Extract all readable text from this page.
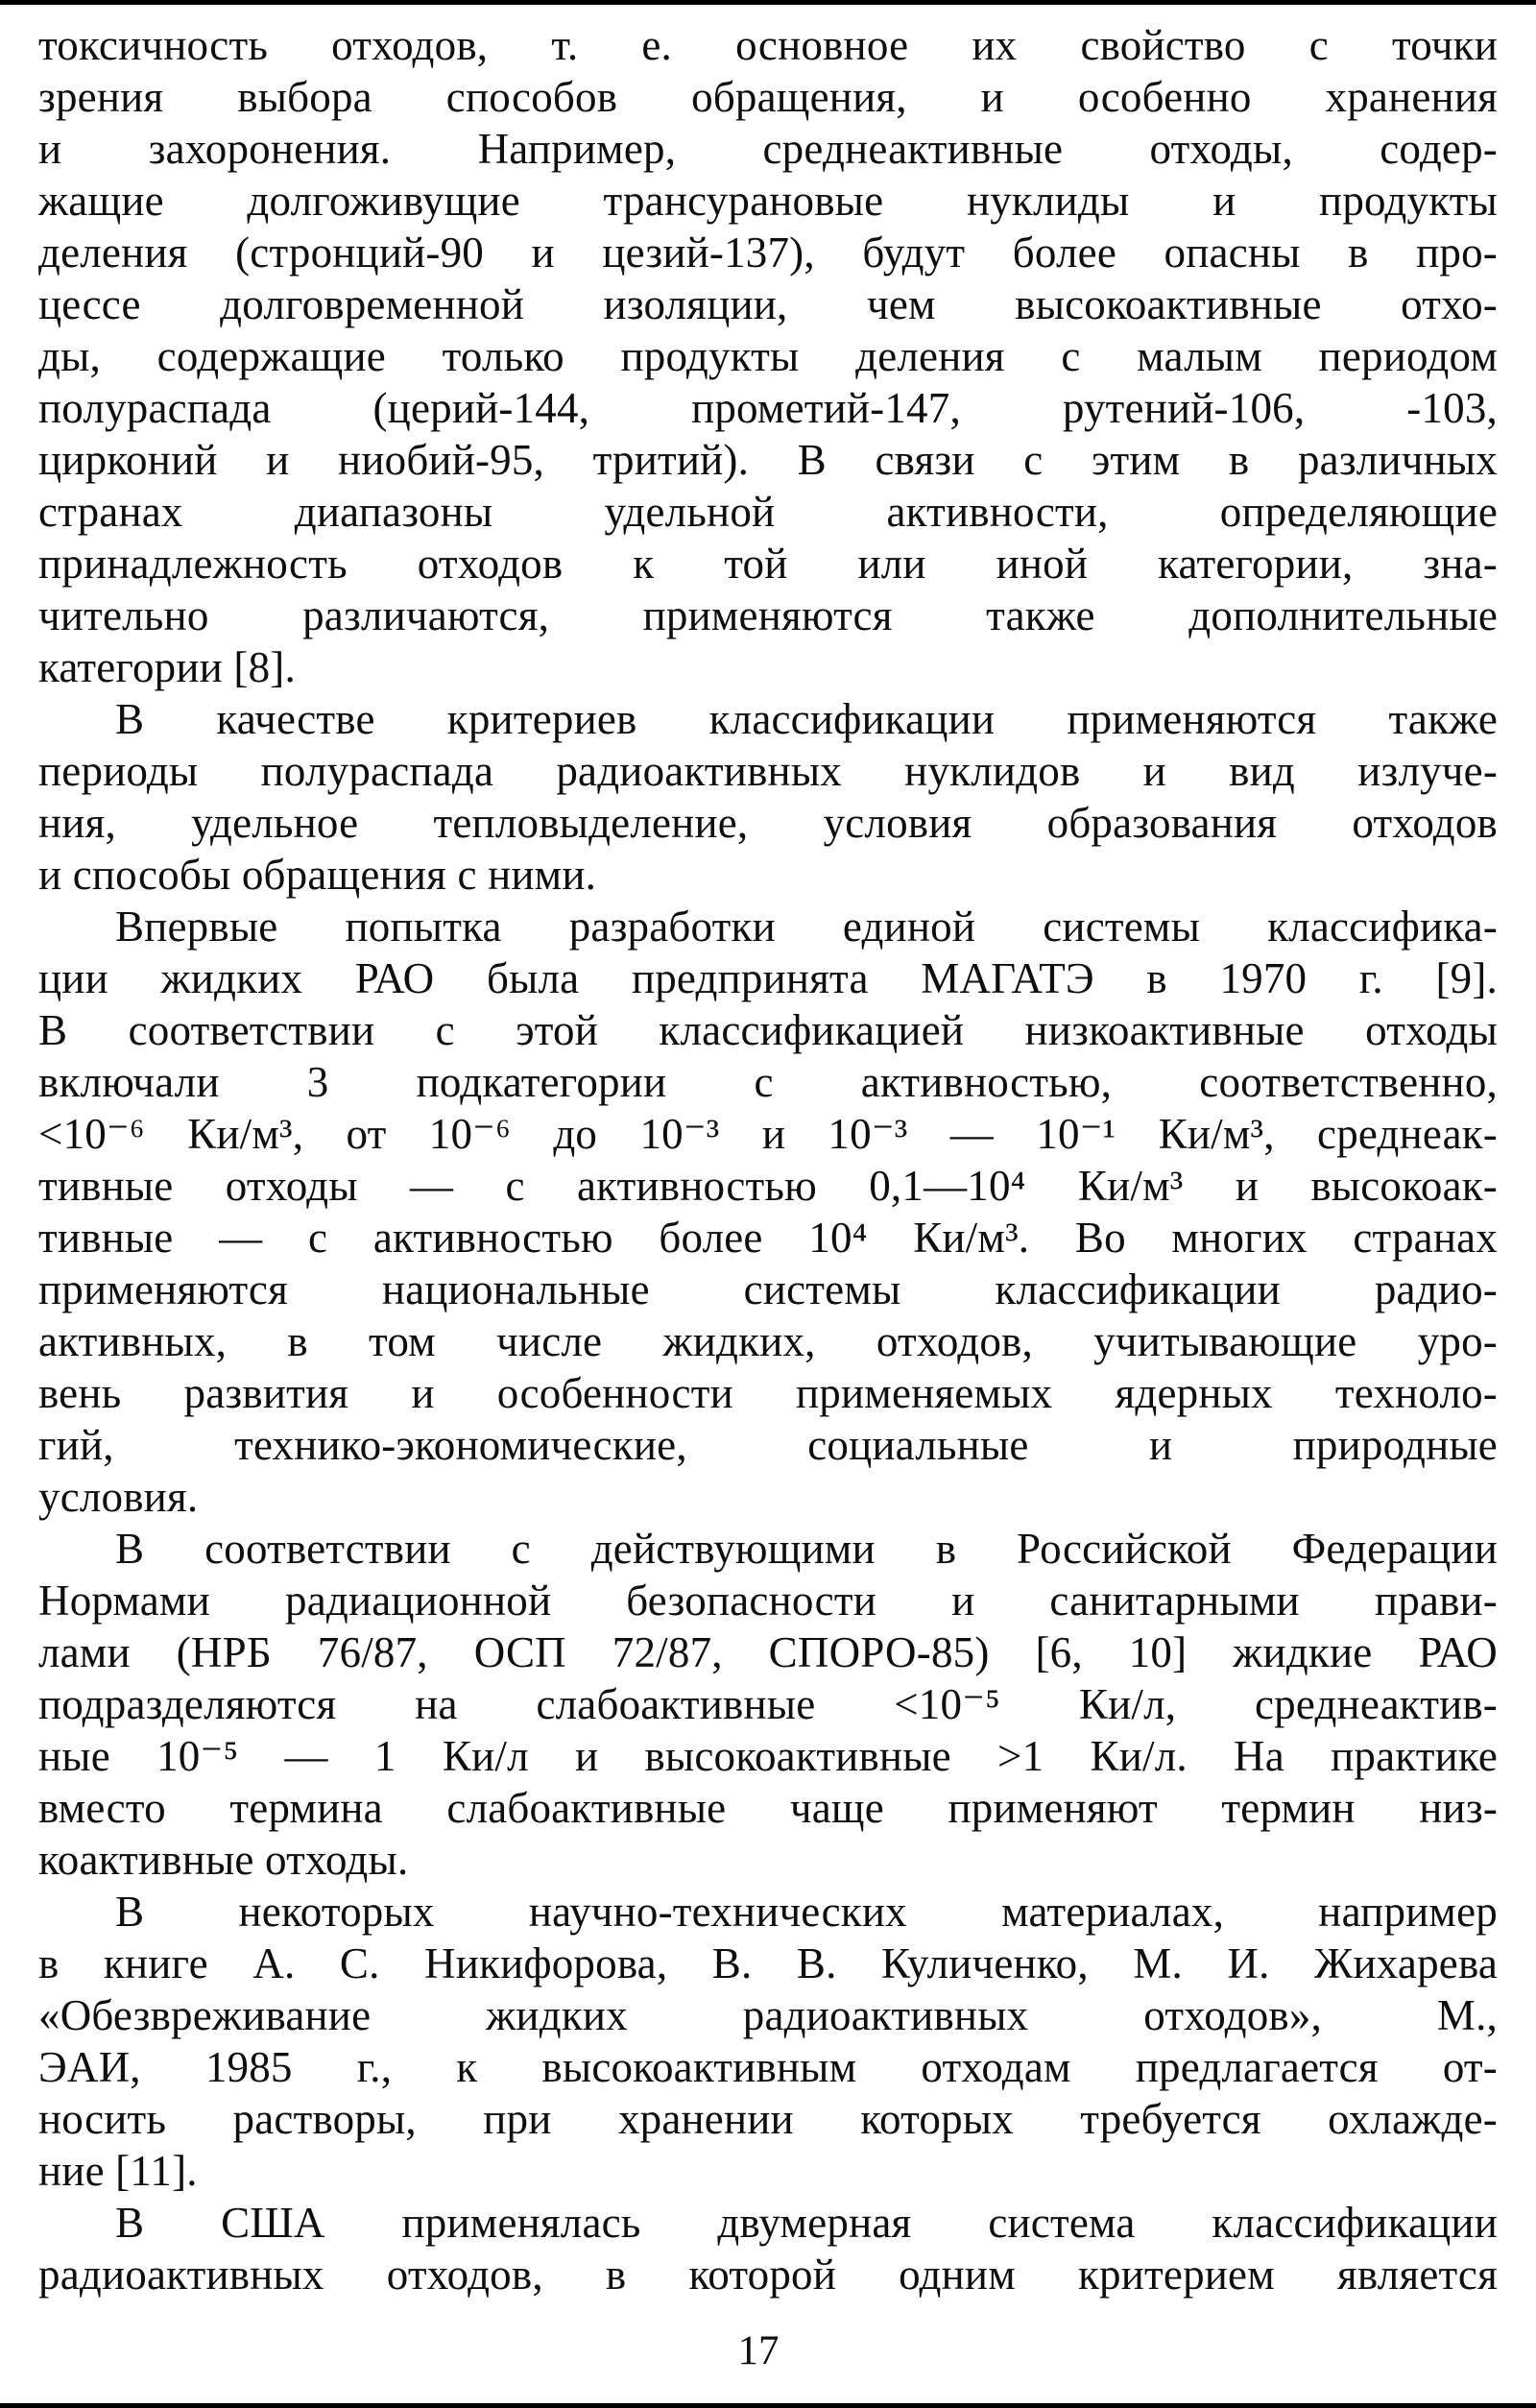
токсичность отходов, т. е. основное их свойство с точки
зрения выбора способов обращения, и особенно хранения
и захоронения. Например, среднеактивные отходы, содер-
жащие долгоживущие трансурановые нуклиды и продукты
деления (стронций-90 и цезий-137), будут более опасны в про-
цессе долговременной изоляции, чем высокоактивные отхо-
ды, содержащие только продукты деления с малым периодом
полураспада (церий-144, прометий-147, рутений-106, -103,
цирконий и ниобий-95, тритий). В связи с этим в различных
странах диапазоны удельной активности, определяющие
принадлежность отходов к той или иной категории, зна-
чительно различаются, применяются также дополнительные
категории [8].
В качестве критериев классификации применяются также
периоды полураспада радиоактивных нуклидов и вид излуче-
ния, удельное тепловыделение, условия образования отходов
и способы обращения с ними.
Впервые попытка разработки единой системы классифика-
ции жидких РАО была предпринята МАГАТЭ в 1970 г. [9].
В соответствии с этой классификацией низкоактивные отходы
включали 3 подкатегории с активностью, соответственно,
<10⁻⁶ Ки/м³, от 10⁻⁶ до 10⁻³ и 10⁻³ — 10⁻¹ Ки/м³, среднеак-
тивные отходы — с активностью 0,1—10⁴ Ки/м³ и высокоак-
тивные — с активностью более 10⁴ Ки/м³. Во многих странах
применяются национальные системы классификации радио-
активных, в том числе жидких, отходов, учитывающие уро-
вень развития и особенности применяемых ядерных техноло-
гий, технико-экономические, социальные и природные
условия.
В соответствии с действующими в Российской Федерации
Нормами радиационной безопасности и санитарными прави-
лами (НРБ 76/87, ОСП 72/87, СПОРО-85) [6, 10] жидкие РАО
подразделяются на слабоактивные <10⁻⁵ Ки/л, среднеактив-
ные 10⁻⁵ — 1 Ки/л и высокоактивные >1 Ки/л. На практике
вместо термина слабоактивные чаще применяют термин низ-
коактивные отходы.
В некоторых научно-технических материалах, например
в книге А. С. Никифорова, В. В. Куличенко, М. И. Жихарева
«Обезвреживание жидких радиоактивных отходов», М.,
ЭАИ, 1985 г., к высокоактивным отходам предлагается от-
носить растворы, при хранении которых требуется охлажде-
ние [11].
В США применялась двумерная система классификации
радиоактивных отходов, в которой одним критерием является
17
